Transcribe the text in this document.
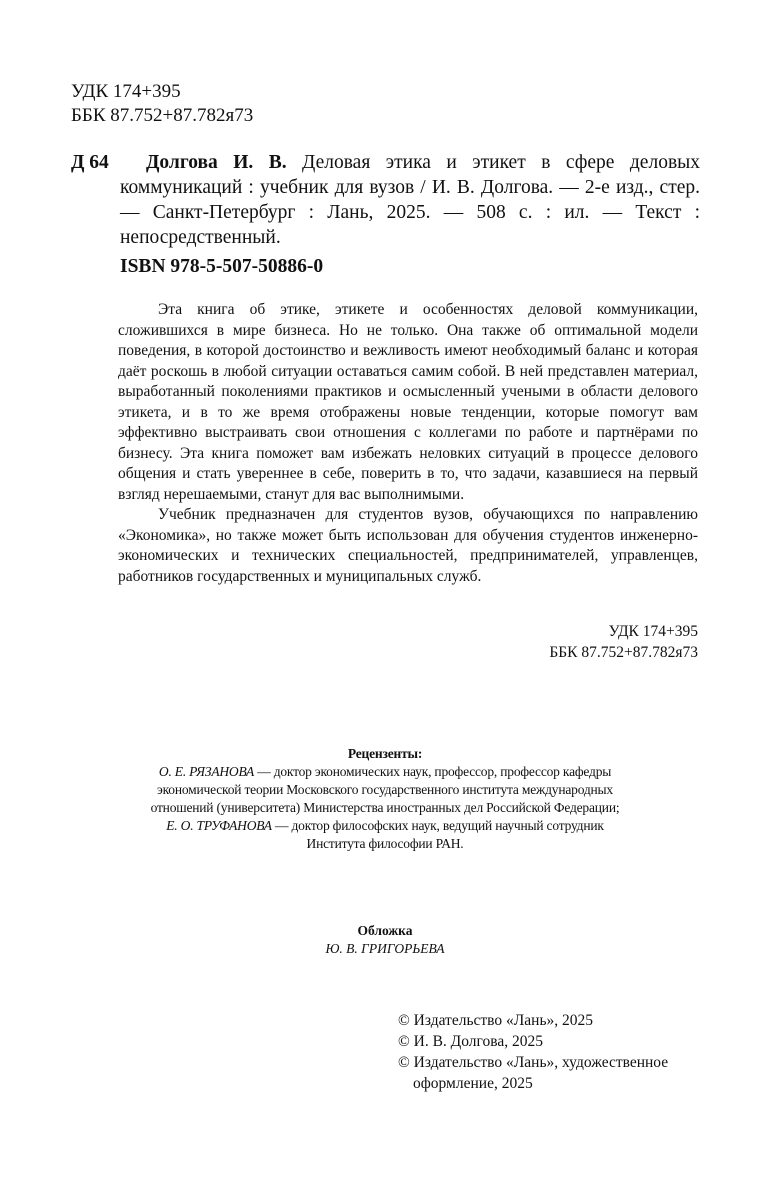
УДК 174+395
ББК 87.752+87.782я73
Д 64	Долгова И. В. Деловая этика и этикет в сфере деловых коммуникаций : учебник для вузов / И. В. Долгова. — 2-е изд., стер. — Санкт-Петербург : Лань, 2025. — 508 с. : ил. — Текст : непосредственный.
ISBN 978-5-507-50886-0

Эта книга об этике, этикете и особенностях деловой коммуникации, сложившихся в мире бизнеса. Но не только. Она также об оптимальной модели поведения, в которой достоинство и вежливость имеют необходимый баланс и которая даёт роскошь в любой ситуации оставаться самим собой. В ней представлен материал, выработанный поколениями практиков и осмысленный учеными в области делового этикета, и в то же время отображены новые тенденции, которые помогут вам эффективно выстраивать свои отношения с коллегами по работе и партнёрами по бизнесу. Эта книга поможет вам избежать неловких ситуаций в процессе делового общения и стать увереннее в себе, поверить в то, что задачи, казавшиеся на первый взгляд нерешаемыми, станут для вас выполнимыми.

Учебник предназначен для студентов вузов, обучающихся по направлению «Экономика», но также может быть использован для обучения студентов инженерно-экономических и технических специальностей, предпринимателей, управленцев, работников государственных и муниципальных служб.

УДК 174+395
ББК 87.752+87.782я73
Рецензенты:
О. Е. РЯЗАНОВА — доктор экономических наук, профессор, профессор кафедры
экономической теории Московского государственного института международных
отношений (университета) Министерства иностранных дел Российской Федерации;
Е. О. ТРУФАНОВА — доктор философских наук, ведущий научный сотрудник
Института философии РАН.
Обложка
Ю. В. ГРИГОРЬЕВА
© Издательство «Лань», 2025
© И. В. Долгова, 2025
© Издательство «Лань», художественное
оформление, 2025
